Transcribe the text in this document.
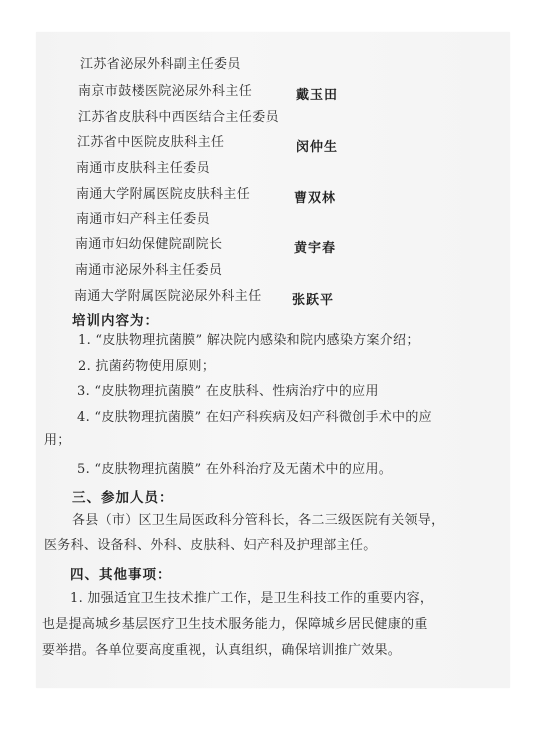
江苏省泌尿外科副主任委员
南京市鼓楼医院泌尿外科主任	戴玉田
江苏省皮肤科中西医结合主任委员
江苏省中医院皮肤科主任	闵仲生
南通市皮肤科主任委员
南通大学附属医院皮肤科主任	曹双林
南通市妇产科主任委员
南通市妇幼保健院副院长	黄宇春
南通市泌尿外科主任委员
南通大学附属医院泌尿外科主任 张跃平
培训内容为：
1. “皮肤物理抗菌膜” 解决院内感染和院内感染方案介绍；
2. 抗菌药物使用原则；
3. “皮肤物理抗菌膜” 在皮肤科、性病治疗中的应用
4. “皮肤物理抗菌膜” 在妇产科疾病及妇产科微创手术中的应
用；
5. “皮肤物理抗菌膜” 在外科治疗及无菌术中的应用。
三、参加人员：
各县（市）区卫生局医政科分管科长，各二三级医院有关领导，
医务科、设备科、外科、皮肤科、妇产科及护理部主任。
四、其他事项：
1. 加强适宜卫生技术推广工作，是卫生科技工作的重要内容，
也是提高城乡基层医疗卫生技术服务能力，保障城乡居民健康的重
要举措。各单位要高度重视，认真组织，确保培训推广效果。
